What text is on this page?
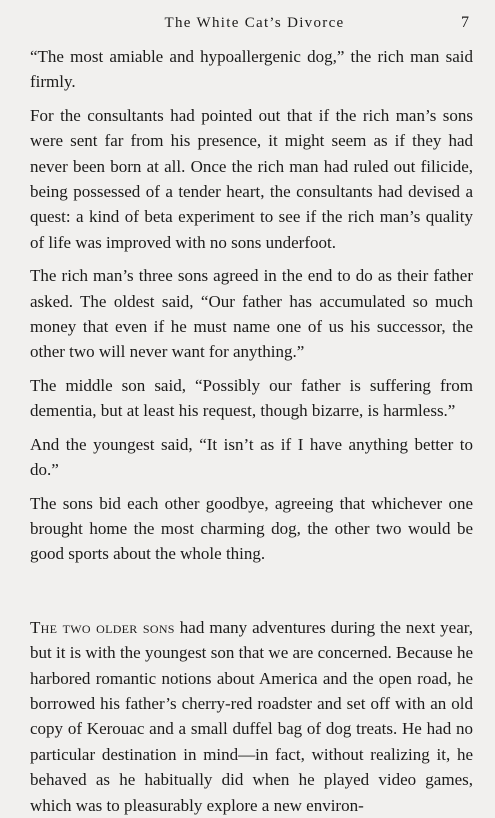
The White Cat’s Divorce	7

“The most amiable and hypoallergenic dog,” the rich man said firmly.

For the consultants had pointed out that if the rich man’s sons were sent far from his presence, it might seem as if they had never been born at all. Once the rich man had ruled out filicide, being possessed of a tender heart, the consultants had devised a quest: a kind of beta experiment to see if the rich man’s quality of life was improved with no sons underfoot.

The rich man’s three sons agreed in the end to do as their father asked. The oldest said, “Our father has accumulated so much money that even if he must name one of us his successor, the other two will never want for anything.”

The middle son said, “Possibly our father is suffering from dementia, but at least his request, though bizarre, is harmless.”

And the youngest said, “It isn’t as if I have anything better to do.”

The sons bid each other goodbye, agreeing that whichever one brought home the most charming dog, the other two would be good sports about the whole thing.

The two older sons had many adventures during the next year, but it is with the youngest son that we are concerned. Because he harbored romantic notions about America and the open road, he borrowed his father’s cherry-red roadster and set off with an old copy of Kerouac and a small duffel bag of dog treats. He had no particular destination in mind—in fact, without realizing it, he behaved as he habitually did when he played video games, which was to pleasurably explore a new environ-
